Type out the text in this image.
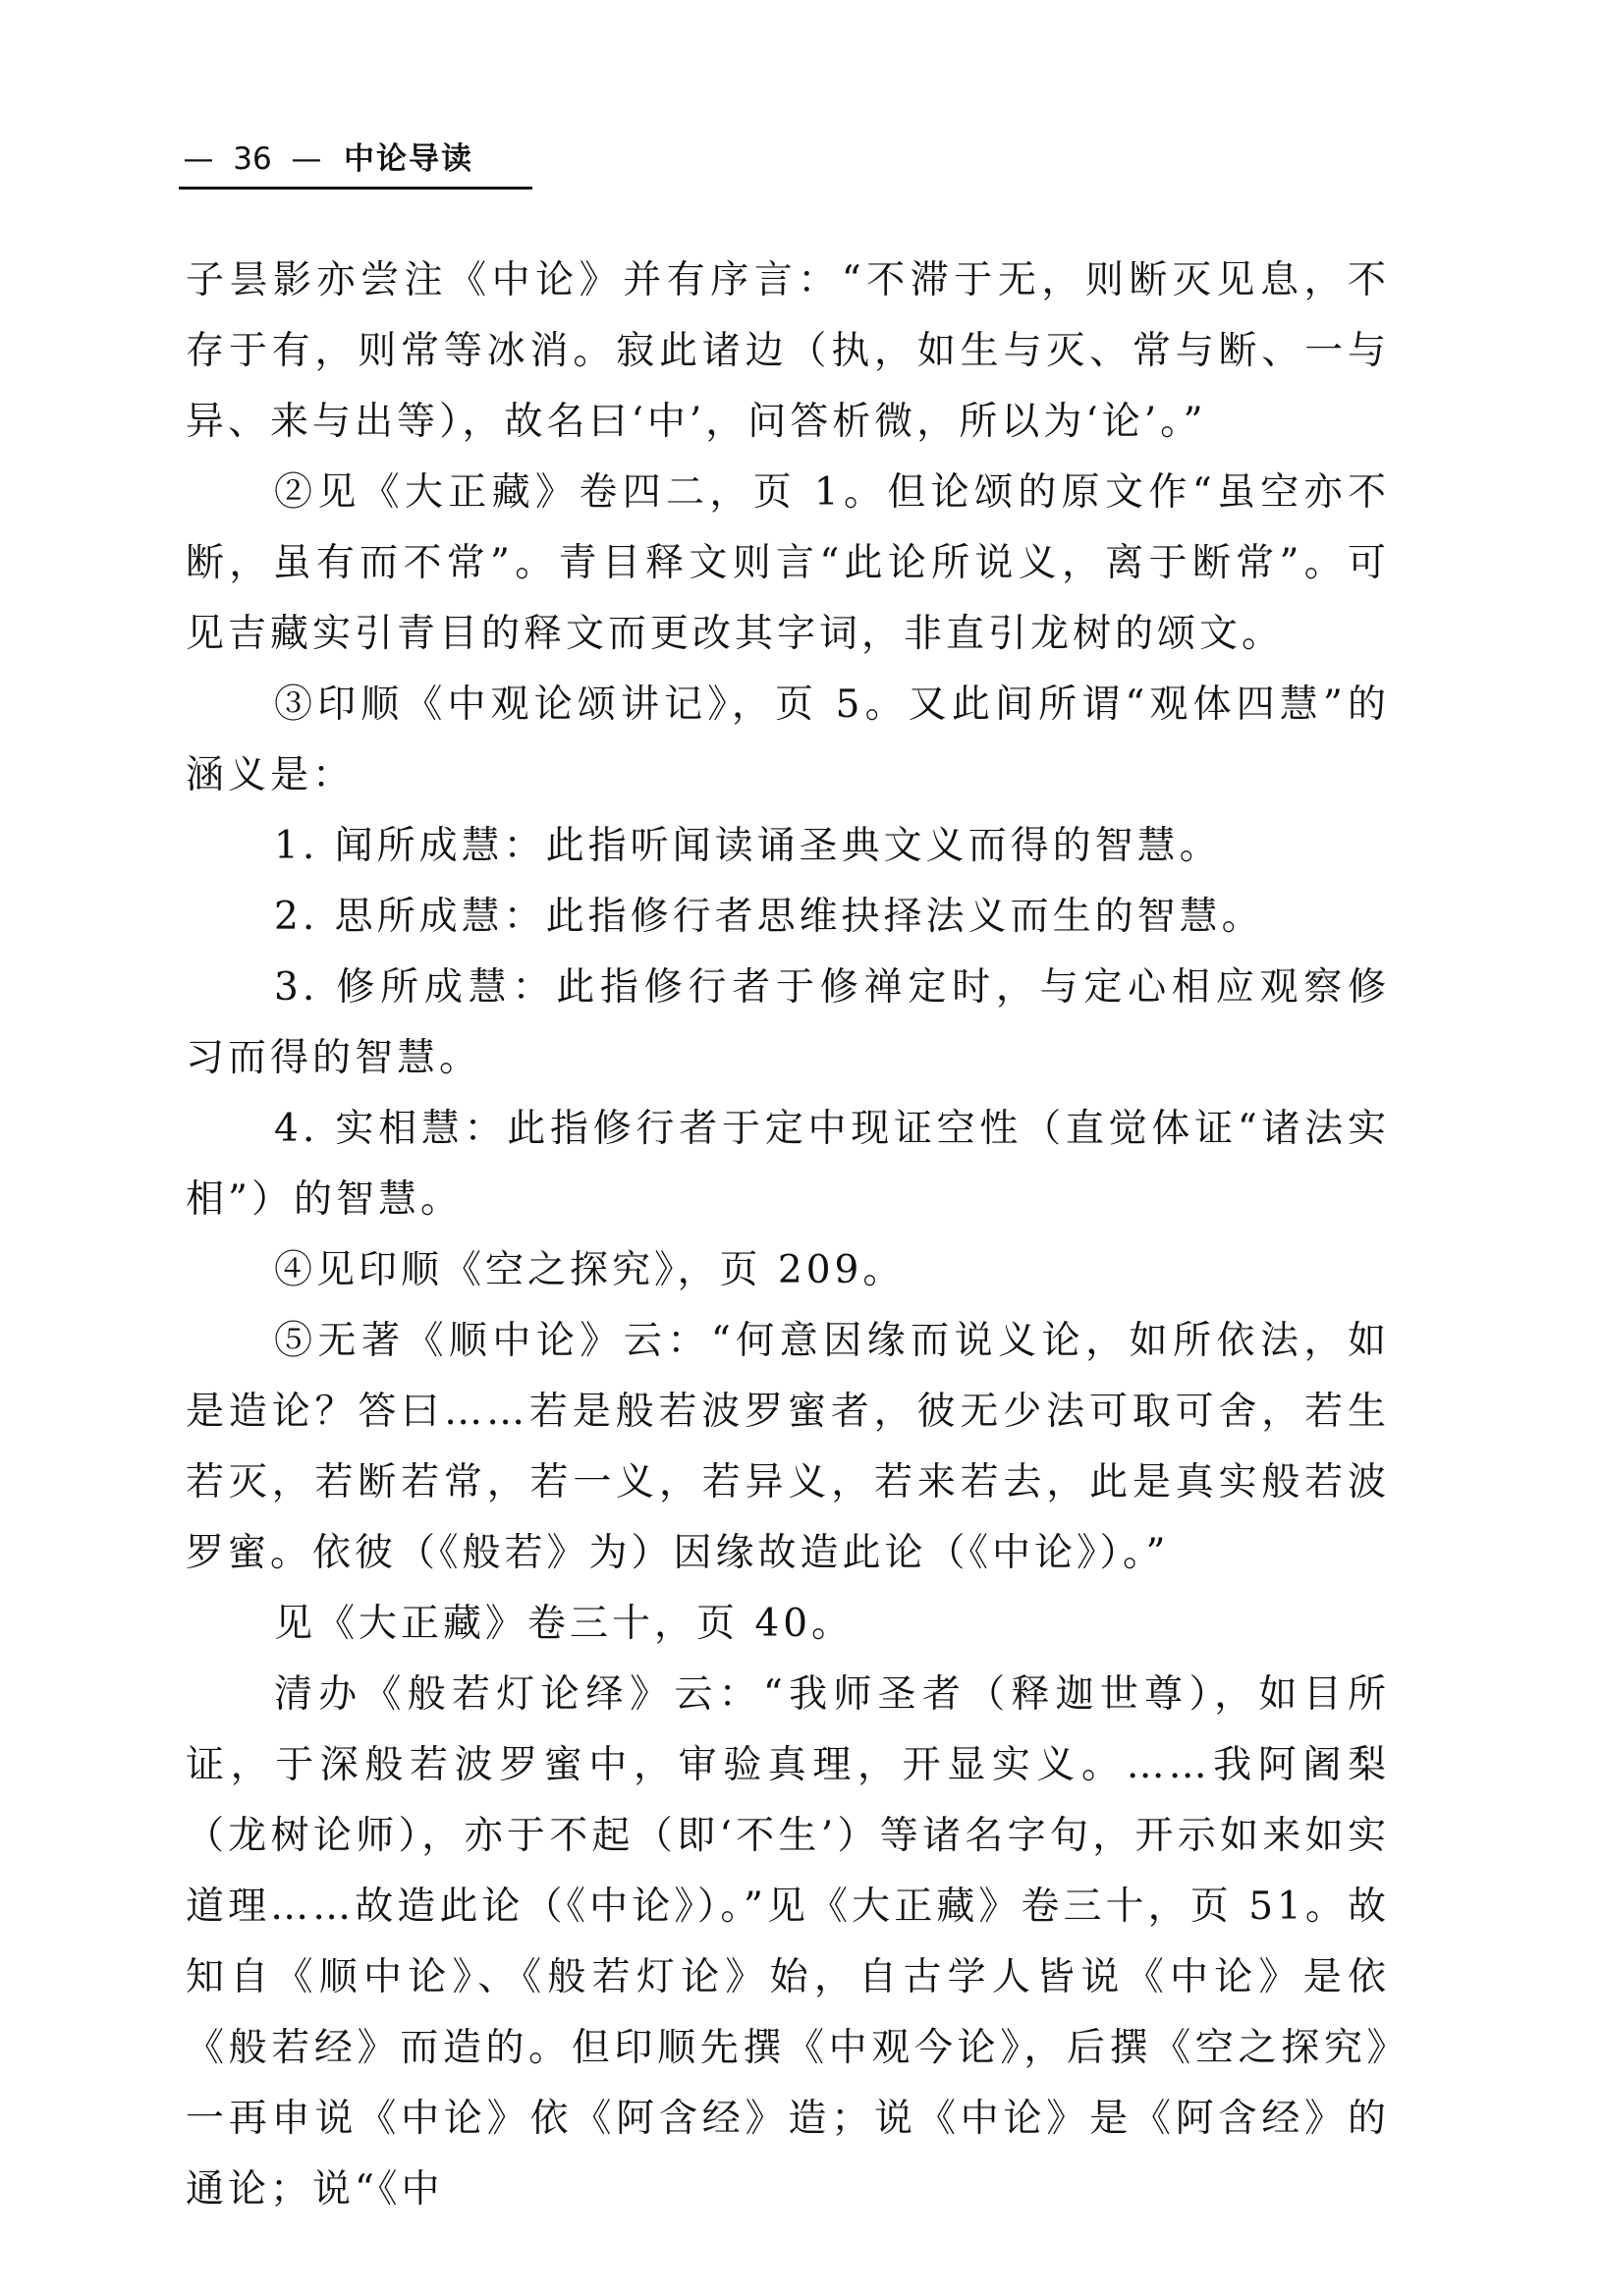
— 36 — 中论导读

子昙影亦尝注《中论》并有序言：“不滞于无，则断灭见息，不存于有，则常等冰消。寂此诸边（执，如生与灭、常与断、一与异、来与出等），故名曰‘中’，问答析微，所以为‘论’。”

②见《大正藏》卷四二，页 1。但论颂的原文作“虽空亦不断，虽有而不常”。青目释文则言“此论所说义，离于断常”。可见吉藏实引青目的释文而更改其字词，非直引龙树的颂文。

③印顺《中观论颂讲记》，页 5。又此间所谓“观体四慧”的涵义是：

1. 闻所成慧：此指听闻读诵圣典文义而得的智慧。

2. 思所成慧：此指修行者思维抉择法义而生的智慧。

3. 修所成慧：此指修行者于修禅定时，与定心相应观察修习而得的智慧。

4. 实相慧：此指修行者于定中现证空性（直觉体证“诸法实相”）的智慧。

④见印顺《空之探究》，页 209。

⑤无著《顺中论》云：“何意因缘而说义论，如所依法，如是造论？答曰……若是般若波罗蜜者，彼无少法可取可舍，若生若灭，若断若常，若一义，若异义，若来若去，此是真实般若波罗蜜。依彼（《般若》为）因缘故造此论（《中论》）。”

见《大正藏》卷三十，页 40。

清办《般若灯论绎》云：“我师圣者（释迦世尊），如目所证，于深般若波罗蜜中，审验真理，开显实义。……我阿阇梨（龙树论师），亦于不起（即‘不生’）等诸名字句，开示如来如实道理……故造此论（《中论》）。”见《大正藏》卷三十，页 51。故知自《顺中论》、《般若灯论》始，自古学人皆说《中论》是依《般若经》而造的。但印顺先撰《中观今论》，后撰《空之探究》一再申说《中论》依《阿含经》造；说《中论》是《阿含经》的通论；说“《中
